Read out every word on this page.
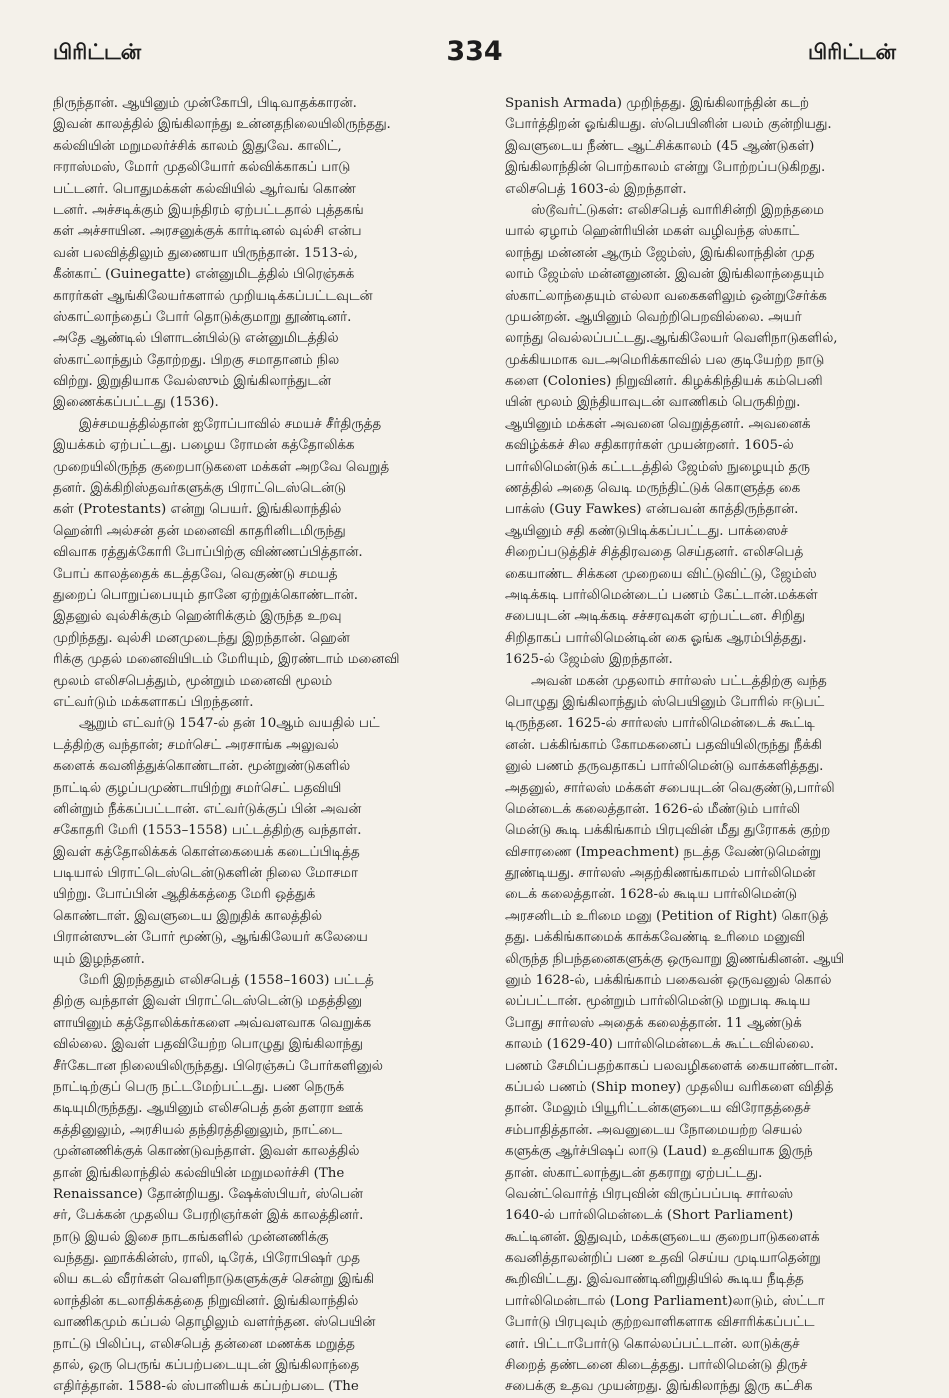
பிரிட்டன்	334	பிரிட்டன்
நிருந்தான். ஆயினும் முன்கோபி, பிடிவாதக்காரன்.
இவன் காலத்தில் இங்கிலாந்து உன்னதநிலையிலிருந்தது.
கல்வியின் மறுமலர்ச்சிக் காலம் இதுவே. காலிட்,
ஈராஸ்மஸ், மோர் முதலியோர் கல்விக்காகப் பாடு
பட்டனர். பொதுமக்கள் கல்வியில் ஆர்வங் கொண்
டனர். அச்சடிக்கும் இயந்திரம் ஏற்பட்டதால் புத்தகங்
கள் அச்சாயின. அரசனுக்குக் கார்டினல் வுல்சி என்ப
வன் பலவித்திலும் துணையா யிருந்தான். 1513-ல்,
கீன்காட் (Guinegatte) என்னுமிடத்தில் பிரெஞ்சுக்
காரர்கள் ஆங்கிலேயர்களால் முறியடிக்கப்பட்டவுடன்
ஸ்காட்லாந்தைப் போர் தொடுக்குமாறு தூண்டினர்.
அதே ஆண்டில் பிளாடன்பில்டு என்னுமிடத்தில்
ஸ்காட்லாந்தும் தோற்றது. பிறகு சமாதானம் நில
விற்று. இறுதியாக வேல்ஸும் இங்கிலாந்துடன்
இணைக்கப்பட்டது (1536).
இச்சமயத்தில்தான் ஐரோப்பாவில் சமயச் சீர்திருத்த
இயக்கம் ஏற்பட்டது. பழைய ரோமன் கத்தோலிக்க
முறையிலிருந்த குறைபாடுகளை மக்கள் அறவே வெறுத்
தனர். இக்கிறிஸ்தவர்களுக்கு பிராட்டெஸ்டென்டு
கள் (Protestants) என்று பெயர். இங்கிலாந்தில்
ஹென்ரி அல்சன் தன் மனைவி காதரினிடமிருந்து
விவாக ரத்துக்கோரி போப்பிற்கு விண்ணப்பித்தான்.
போப் காலத்தைக் கடத்தவே, வெகுண்டு சமயத்
துறைப் பொறுப்பையும் தானே ஏற்றுக்கொண்டான்.
இதனுல் வுல்சிக்கும் ஹென்ரிக்கும் இருந்த உறவு
முறிந்தது. வுல்சி மனமுடைந்து இறந்தான். ஹென்
ரிக்கு முதல் மனைவியிடம் மேரியும், இரண்டாம் மனைவி
மூலம் எலிசபெத்தும், மூன்றும் மனைவி மூலம்
எட்வர்டும் மக்களாகப் பிறந்தனர்.
ஆறும் எட்வர்டு 1547-ல் தன் 10ஆம் வயதில் பட்
டத்திற்கு வந்தான்; சமர்செட் அரசாங்க அலுவல்
களைக் கவனித்துக்கொண்டான். மூன்றுண்டுகளில்
நாட்டில் குழப்பமுண்டாயிற்று சமர்செட் பதவியி
னின்றும் நீக்கப்பட்டான். எட்வர்டுக்குப் பின் அவன்
சகோதரி மேரி (1553–1558) பட்டத்திற்கு வந்தாள்.
இவள் கத்தோலிக்கக் கொள்கையைக் கடைப்பிடித்த
படியால் பிராட்டெஸ்டென்டுகளின் நிலை மோசமா
யிற்று. போப்பின் ஆதிக்கத்தை மேரி ஒத்துக்
கொண்டாள். இவளுடைய இறுதிக் காலத்தில்
பிரான்ஸுடன் போர் மூண்டு, ஆங்கிலேயர் கலேயை
யும் இழந்தனர்.
மேரி இறந்ததும் எலிசபெத் (1558–1603) பட்டத்
திற்கு வந்தாள் இவள் பிராட்டெஸ்டென்டு மதத்தினு
ளாயினும் கத்தோலிக்கர்களை அவ்வளவாக வெறுக்க
வில்லை. இவள் பதவியேற்ற பொழுது இங்கிலாந்து
சீர்கேடான நிலையிலிருந்தது. பிரெஞ்சுப் போர்களினுல்
நாட்டிற்குப் பெரு நட்டமேற்பட்டது. பண நெருக்
கடியுமிருந்தது. ஆயினும் எலிசபெத் தன் தளரா ஊக்
கத்தினுலும், அரசியல் தந்திரத்தினுலும், நாட்டை
முன்னணிக்குக் கொண்டுவந்தாள். இவள் காலத்தில்
தான் இங்கிலாந்தில் கல்வியின் மறுமலர்ச்சி (The
Renaissance) தோன்றியது. ஷேக்ஸ்பியர், ஸ்பென்
சர், பேக்கன் முதலிய பேரறிஞர்கள் இக் காலத்தினர்.
நாடு இயல் இசை நாடகங்களில் முன்னணிக்கு
வந்தது. ஹாக்கின்ஸ், ராலி, டிரேக், பிரோபிஷர் முத
லிய கடல் வீரர்கள் வெளிநாடுகளுக்குச் சென்று இங்கி
லாந்தின் கடலாதிக்கத்தை நிறுவினர். இங்கிலாந்தில்
வாணிகமும் கப்பல் தொழிலும் வளர்ந்தன. ஸ்பெயின்
நாட்டு பிலிப்பு, எலிசபெத் தன்னை மணக்க மறுத்த
தால், ஒரு பெருங் கப்பற்படையுடன் இங்கிலாந்தை
எதிர்த்தான். 1588-ல் ஸ்பானியக் கப்பற்படை (The
Spanish Armada) முறிந்தது. இங்கிலாந்தின் கடற்
போர்த்திறன் ஓங்கியது. ஸ்பெயினின் பலம் குன்றியது.
இவளுடைய நீண்ட ஆட்சிக்காலம் (45 ஆண்டுகள்)
இங்கிலாந்தின் பொற்காலம் என்று போற்றப்படுகிறது.
எலிசபெத் 1603-ல் இறந்தாள்.
ஸ்டூவர்ட்டுகள்: எலிசபெத் வாரிசின்றி இறந்தமை
யால் ஏழாம் ஹென்ரியின் மகள் வழிவந்த ஸ்காட்
லாந்து மன்னன் ஆரும் ஜேம்ஸ், இங்கிலாந்தின் முத
லாம் ஜேம்ஸ் மன்னனுனன். இவன் இங்கிலாந்தையும்
ஸ்காட்லாந்தையும் எல்லா வகைகளிலும் ஒன்றுசேர்க்க
முயன்றன். ஆயினும் வெற்றிபெறவில்லை. அயர்
லாந்து வெல்லப்பட்டது.ஆங்கிலேயர் வெளிநாடுகளில்,
முக்கியமாக வடஅமெரிக்காவில் பல குடியேற்ற நாடு
களை (Colonies) நிறுவினர். கிழக்கிந்தியக் கம்பெனி
யின் மூலம் இந்தியாவுடன் வாணிகம் பெருகிற்று.
ஆயினும் மக்கள் அவனை வெறுத்தனர். அவனைக்
கவிழ்க்கச் சில சதிகாரர்கள் முயன்றனர். 1605-ல்
பார்லிமென்டுக் கட்டடத்தில் ஜேம்ஸ் நுழையும் தரு
ணத்தில் அதை வெடி மருந்திட்டுக் கொளுத்த கை
பாக்ஸ் (Guy Fawkes) என்பவன் காத்திருந்தான்.
ஆயினும் சதி கண்டுபிடிக்கப்பட்டது. பாக்ஸைச்
சிறைப்படுத்திச் சித்திரவதை செய்தனர். எலிசபெத்
கையாண்ட சிக்கன முறையை விட்டுவிட்டு, ஜேம்ஸ்
அடிக்கடி பார்லிமென்டைப் பணம் கேட்டான்.மக்கள்
சபையுடன் அடிக்கடி சச்சரவுகள் ஏற்பட்டன. சிறிது
சிறிதாகப் பார்லிமென்டின் கை ஓங்க ஆரம்பித்தது.
1625-ல் ஜேம்ஸ் இறந்தான்.
அவன் மகன் முதலாம் சார்லஸ் பட்டத்திற்கு வந்த
பொழுது இங்கிலாந்தும் ஸ்பெயினும் போரில் ஈடுபட்
டிருந்தன. 1625-ல் சார்லஸ் பார்லிமென்டைக் கூட்டி
னன். பக்கிங்காம் கோமகனைப் பதவியிலிருந்து நீக்கி
னுல் பணம் தருவதாகப் பார்லிமென்டு வாக்களித்தது.
அதனுல், சார்லஸ் மக்கள் சபையுடன் வெகுண்டு,பார்லி
மென்டைக் கலைத்தான். 1626-ல் மீண்டும் பார்லி
மென்டு கூடி பக்கிங்காம் பிரபுவின் மீது துரோகக் குற்ற
விசாரணை (Impeachment) நடத்த வேண்டுமென்று
தூண்டியது. சார்லஸ் அதற்கிணங்காமல் பார்லிமென்
டைக் கலைத்தான். 1628-ல் கூடிய பார்லிமென்டு
அரசனிடம் உரிமை மனு (Petition of Right) கொடுத்
தது. பக்கிங்காமைக் காக்கவேண்டி உரிமை மனுவி
லிருந்த நிபந்தனைகளுக்கு ஒருவாறு இணங்கினன். ஆயி
னும் 1628-ல், பக்கிங்காம் பகைவன் ஒருவனுல் கொல்
லப்பட்டான். மூன்றும் பார்லிமென்டு மறுபடி கூடிய
போது சார்லஸ் அதைக் கலைத்தான். 11 ஆண்டுக்
காலம் (1629-40) பார்லிமென்டைக் கூட்டவில்லை.
பணம் சேமிப்பதற்காகப் பலவழிகளைக் கையாண்டான்.
கப்பல் பணம் (Ship money) முதலிய வரிகளை விதித்
தான். மேலும் பியூரிட்டன்களுடைய விரோதத்தைச்
சம்பாதித்தான். அவனுடைய நோமையற்ற செயல்
களுக்கு ஆர்ச்பிஷப் லாடு (Laud) உதவியாக இருந்
தான். ஸ்காட்லாந்துடன் தகராறு ஏற்பட்டது.
வென்ட்வொர்த் பிரபுவின் விருப்பப்படி சார்லஸ்
1640-ல் பார்லிமென்டைக் (Short Parliament)
கூட்டினன். இதுவும், மக்களுடைய குறைபாடுகளைக்
கவனித்தாலன்றிப் பண உதவி செய்ய முடியாதென்று
கூறிவிட்டது. இவ்வாண்டினிறுதியில் கூடிய நீடித்த
பார்லிமென்டால் (Long Parliament)லாடும், ஸ்ட்டா
போர்டு பிரபுவும் குற்றவாளிகளாக விசாரிக்கப்பட்ட
னர். பிட்டாபோர்டு கொல்லப்பட்டான். லாடுக்குச்
சிறைத் தண்டனை கிடைத்தது. பார்லிமென்டு திருச்
சபைக்கு உதவ முயன்றது. இங்கிலாந்து இரு கட்சிக
